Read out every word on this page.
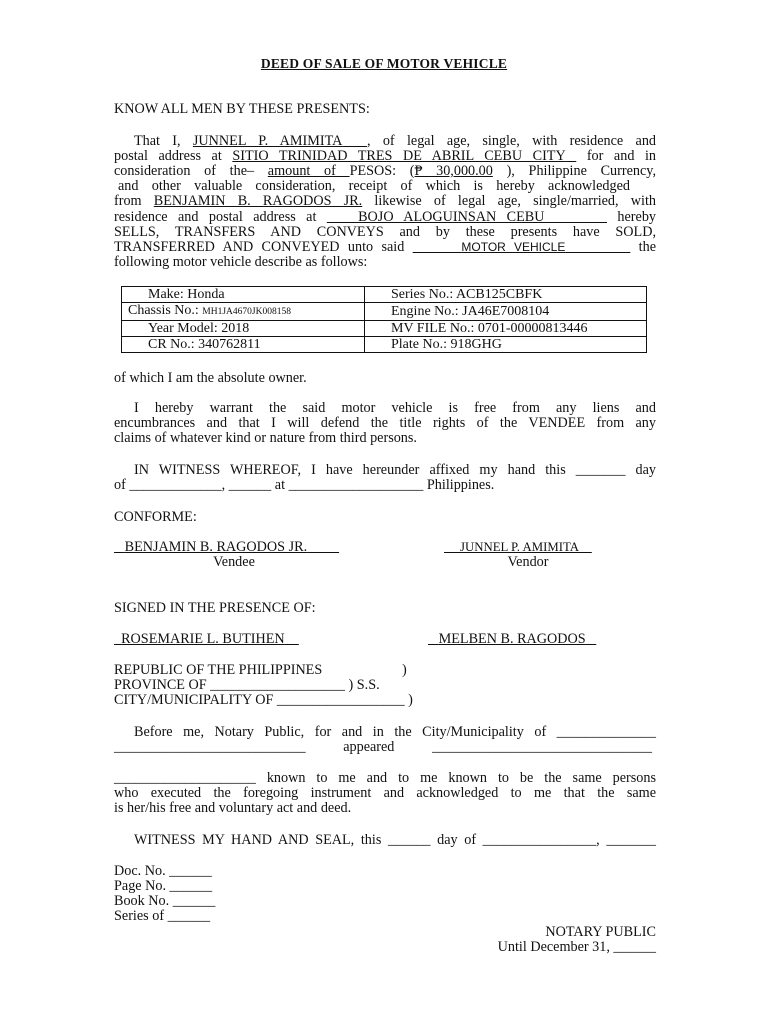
DEED OF SALE OF MOTOR VEHICLE

KNOW ALL MEN BY THESE PRESENTS:

That I, JUNNEL P. AMIMITA , of legal age, single, with residence and

postal address at SITIO TRINIDAD TRES DE ABRIL CEBU CITY  for and in

consideration of the– amount of PESOS: (₱ 30,000.00 ), Philippine Currency,

and other valuable consideration, receipt of which is hereby acknowledged

from BENJAMIN B. RAGODOS JR. likewise of legal age, single/married, with

residence and postal address at    BOJO ALOGUINSAN CEBU	hereby

SELLS, TRANSFERS AND CONVEYS and by these presents have SOLD,

TRANSFERRED AND CONVEYED unto said	MOTOR VEHICLE	the

following motor vehicle describe as follows:

Make: Honda	Series No.: ACB125CBFK
Chassis No.: MH1JA4670JK008158	Engine No.: JA46E7008104
Year Model: 2018	MV FILE No.: 0701-00000813446
CR No.: 340762811	Plate No.: 918GHG

of which I am the absolute owner.

I hereby warrant the said motor vehicle is free from any liens and

encumbrances and that I will defend the title rights of the VENDEE from any

claims of whatever kind or nature from third persons.

IN WITNESS WHEREOF, I have hereunder affixed my hand this _______ day

of _____________, ______ at ___________________ Philippines.

CONFORME:

BENJAMIN B. RAGODOS JR.

Vendee

JUNNEL P. AMIMITA

Vendor

SIGNED IN THE PRESENCE OF:

ROSEMARIE L. BUTIHEN	MELBEN B. RAGODOS

REPUBLIC OF THE PHILIPPINES	)

PROVINCE OF ___________________ ) S.S.

CITY/MUNICIPALITY OF __________________ )

Before me, Notary Public, for and in the City/Municipality of ______________

___________________________ appeared _______________________________

____________________ known to me and to me known to be the same persons

who executed the foregoing instrument and acknowledged to me that the same

is her/his free and voluntary act and deed.

WITNESS MY HAND AND SEAL, this ______ day of ________________, _______

Doc. No. ______

Page No. ______

Book No. ______

Series of ______

NOTARY PUBLIC

Until December 31, ______
